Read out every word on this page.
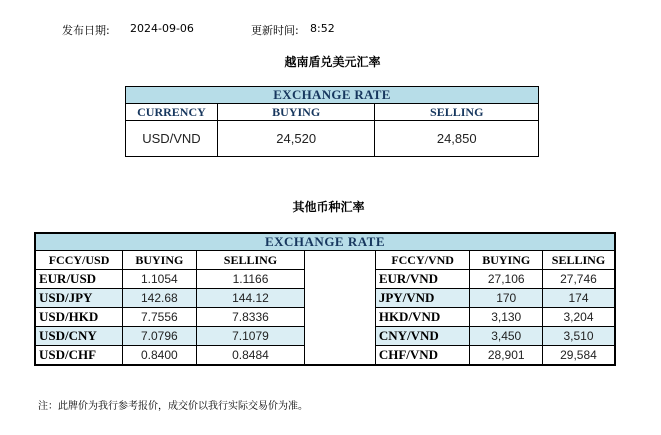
发布日期: 2024-09-06	更新时间: 8:52
越南盾兑美元汇率
EXCHANGE RATE		
CURRENCY	BUYING	SELLING
USD/VND	24,520	24,850
其他币种汇率
EXCHANGE RATE						
FCCY/USD	BUYING	SELLING		FCCY/VND	BUYING	SELLING
EUR/USD	1.1054	1.1166		EUR/VND	27,106	27,746
USD/JPY	142.68	144.12		JPY/VND	170	174
USD/HKD	7.7556	7.8336		HKD/VND	3,130	3,204
USD/CNY	7.0796	7.1079		CNY/VND	3,450	3,510
USD/CHF	0.8400	0.8484		CHF/VND	28,901	29,584
注：此牌价为我行参考报价，成交价以我行实际交易价为准。
